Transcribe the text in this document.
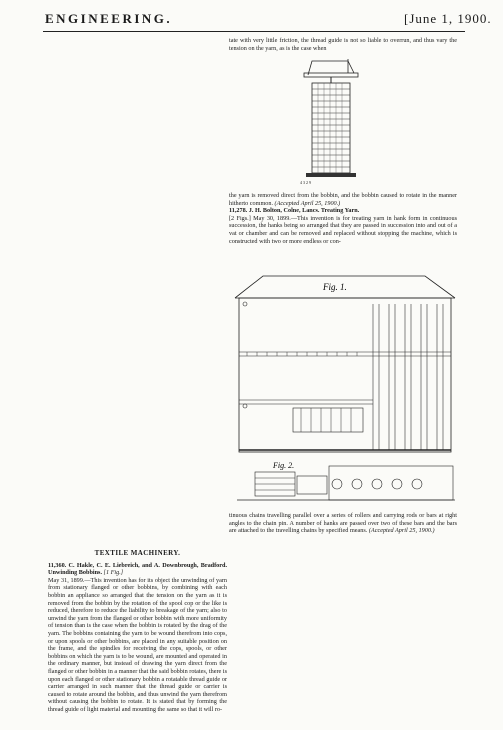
ENGINEERING.	[June 1, 1900.

tate with very little friction, the thread guide is not so liable to overrun, and thus vary the tension on the yarn, as is the case when

4 3 2 9

the yarn is removed direct from the bobbin, and the bobbin caused to rotate in the manner hitherto common. (Accepted April 25, 1900.)

11,278. J. H. Bolton, Colne, Lancs. Treating Yarn.

[2 Figs.] May 30, 1899.—This invention is for treating yarn in hank form in continuous succession, the hanks being so arranged that they are passed in succession into and out of a vat or chamber and can be removed and replaced without stopping the machine, which is constructed with two or more endless or con-

Fig. 1.
Fig. 2.

tinuous chains travelling parallel over a series of rollers and carrying rods or bars at right angles to the chain pin. A number of hanks are passed over two of these bars and the bars are attached to the travelling chains by specified means. (Accepted April 25, 1900.)

TEXTILE MACHINERY.

11,360. C. Hakle, C. E. Liebreich, and A. Downbrough, Bradford. Unwinding Bobbins. [1 Fig.]

May 31, 1899.—This invention has for its object the unwinding of yarn from stationary flanged or other bobbins, by combining with each bobbin an appliance so arranged that the tension on the yarn as it is removed from the bobbin by the rotation of the spool cop or the like is reduced, therefore to reduce the liability to breakage of the yarn; also to unwind the yarn from the flanged or other bobbin with more uniformity of tension than is the case when the bobbin is rotated by the drag of the yarn. The bobbins containing the yarn to be wound therefrom into cops, or upon spools or other bobbins, are placed in any suitable position on the frame, and the spindles for receiving the cops, spools, or other bobbins on which the yarn is to be wound, are mounted and operated in the ordinary manner, but instead of drawing the yarn direct from the flanged or other bobbin in a manner that the said bobbin rotates, there is upon each flanged or other stationary bobbin a rotatable thread guide or carrier arranged in such manner that the thread guide or carrier is caused to rotate around the bobbin, and thus unwind the yarn therefrom without causing the bobbin to rotate. It is stated that by forming the thread guide of light material and mounting the same so that it will ro-
